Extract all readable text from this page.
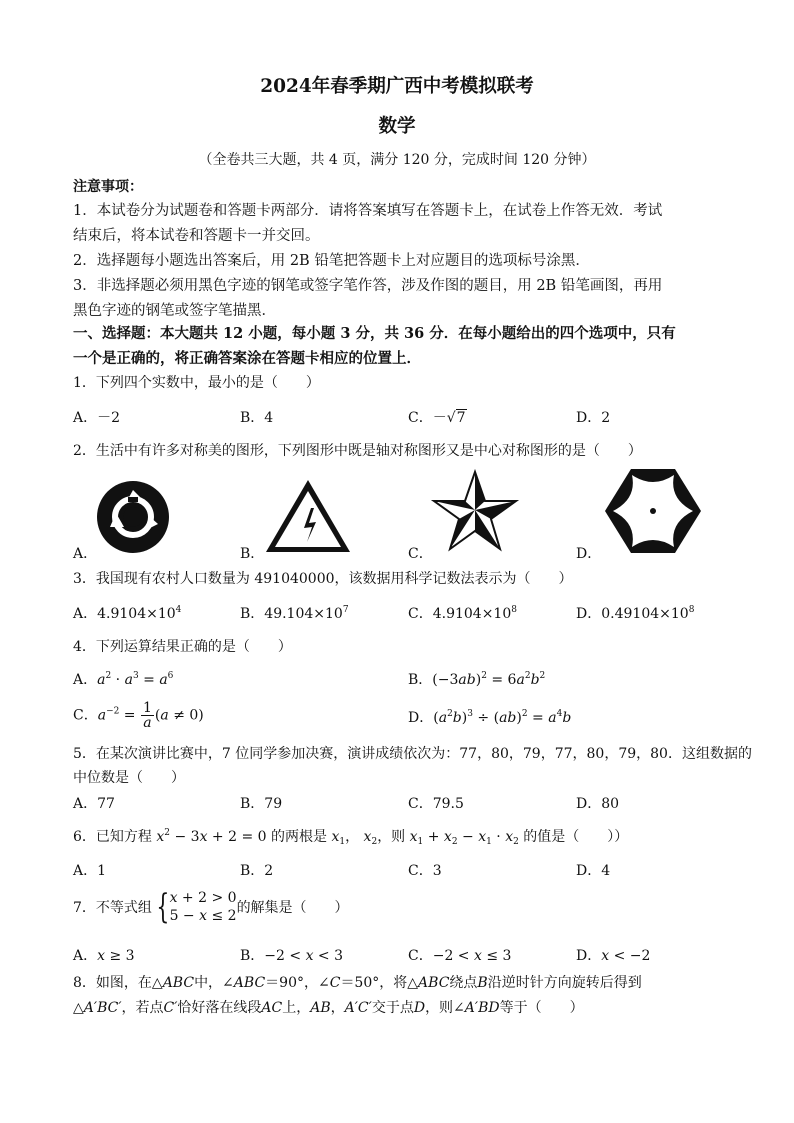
2024年春季期广西中考模拟联考
数学
（全卷共三大题，共 4 页，满分 120 分，完成时间 120 分钟）
注意事项：
1．本试卷分为试题卷和答题卡两部分．请将答案填写在答题卡上，在试卷上作答无效．考试
结束后，将本试卷和答题卡一并交回。
2．选择题每小题选出答案后，用 2B 铅笔把答题卡上对应题目的选项标号涂黑．
3．非选择题必须用黑色字迹的钢笔或签字笔作答，涉及作图的题目，用 2B 铅笔画图，再用
黑色字迹的钢笔或签字笔描黑．
一、选择题：本大题共 12 小题，每小题 3 分，共 36 分．在每小题给出的四个选项中，只有
一个是正确的，将正确答案涂在答题卡相应的位置上．
1．下列四个实数中，最小的是（　　）
A．－2	B．4	C．－√7	D．2
2．生活中有许多对称美的图形，下列图形中既是轴对称图形又是中心对称图形的是（　　）
A．	B．	C．	D．
3．我国现有农村人口数量为 491040000，该数据用科学记数法表示为（　　）
A．$4.9104\times 10^4$	B．$49.104\times 10^7$	C．$4.9104\times 10^8$	D．$0.49104\times 10^8$
4．下列运算结果正确的是（　　）
A．$a^2 \cdot a^3 = a^6$	B．$(-3ab)^2 = 6a^2b^2$
C．$a^{-2} = \frac{1}{a} (a \ne 0)$	D．$(a^2b)^3 \div (ab)^2 = a^4b$
5．在某次演讲比赛中，7 位同学参加决赛，演讲成绩依次为：77，80，79，77，80，79，80．这组数据的
中位数是（　　）
A．77	B．79	C．79.5	D．80
6．已知方程 $x^2 - 3x + 2 = 0$ 的两根是 $x_1$， $x_2$，则 $x_1 + x_2 - x_1 \cdot x_2$ 的值是（　　））
A．1	B．2	C．3	D．4
7．不等式组 {x + 2 > 0
5 − x ≤ 2的解集是（　　）
A．x ≥ 3	B．−2 < x < 3	C．−2 < x ≤ 3	D．x < −2
8．如图，在△ABC中，∠ABC＝90°，∠C＝50°，将△ABC绕点B沿逆时针方向旋转后得到
△A′BC′，若点C′恰好落在线段AC上，AB，A′C′交于点D，则∠A′BD等于（　　）
